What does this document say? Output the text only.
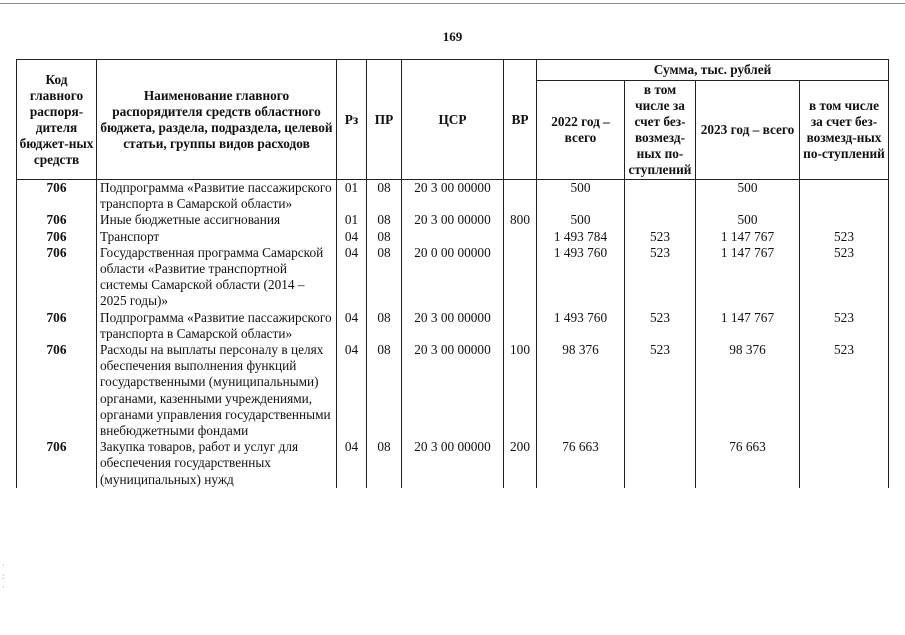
169
·
:
·
Код главного распоря-дителя бюджет-ных средств	Наименование главного распорядителя средств областного бюджета, раздела, подраздела, целевой статьи, группы видов расходов	Рз	ПР	ЦСР	ВР	Сумма, тыс. рублей			
						2022 год – всего	в том числе за счет без-возмезд-ных по-ступлений	2023 год – всего	в том числе за счет без-возмезд-ных по-ступлений
706	Подпрограмма «Развитие пассажирского транспорта в Самарской области»	01	08	20 3 00 00000		500		500	
706	Иные бюджетные ассигнования	01	08	20 3 00 00000	800	500		500	
706	Транспорт	04	08			1 493 784	523	1 147 767	523
706	Государственная программа Самарской области «Развитие транспортной системы Самарской области (2014 – 2025 годы)»	04	08	20 0 00 00000		1 493 760	523	1 147 767	523
706	Подпрограмма «Развитие пассажирского транспорта в Самарской области»	04	08	20 3 00 00000		1 493 760	523	1 147 767	523
706	Расходы на выплаты персоналу в целях обеспечения выполнения функций государственными (муниципальными) органами, казенными учреждениями, органами управления государственными внебюджетными фондами	04	08	20 3 00 00000	100	98 376	523	98 376	523
706	Закупка товаров, работ и услуг для обеспечения государственных (муниципальных) нужд	04	08	20 3 00 00000	200	76 663		76 663	
